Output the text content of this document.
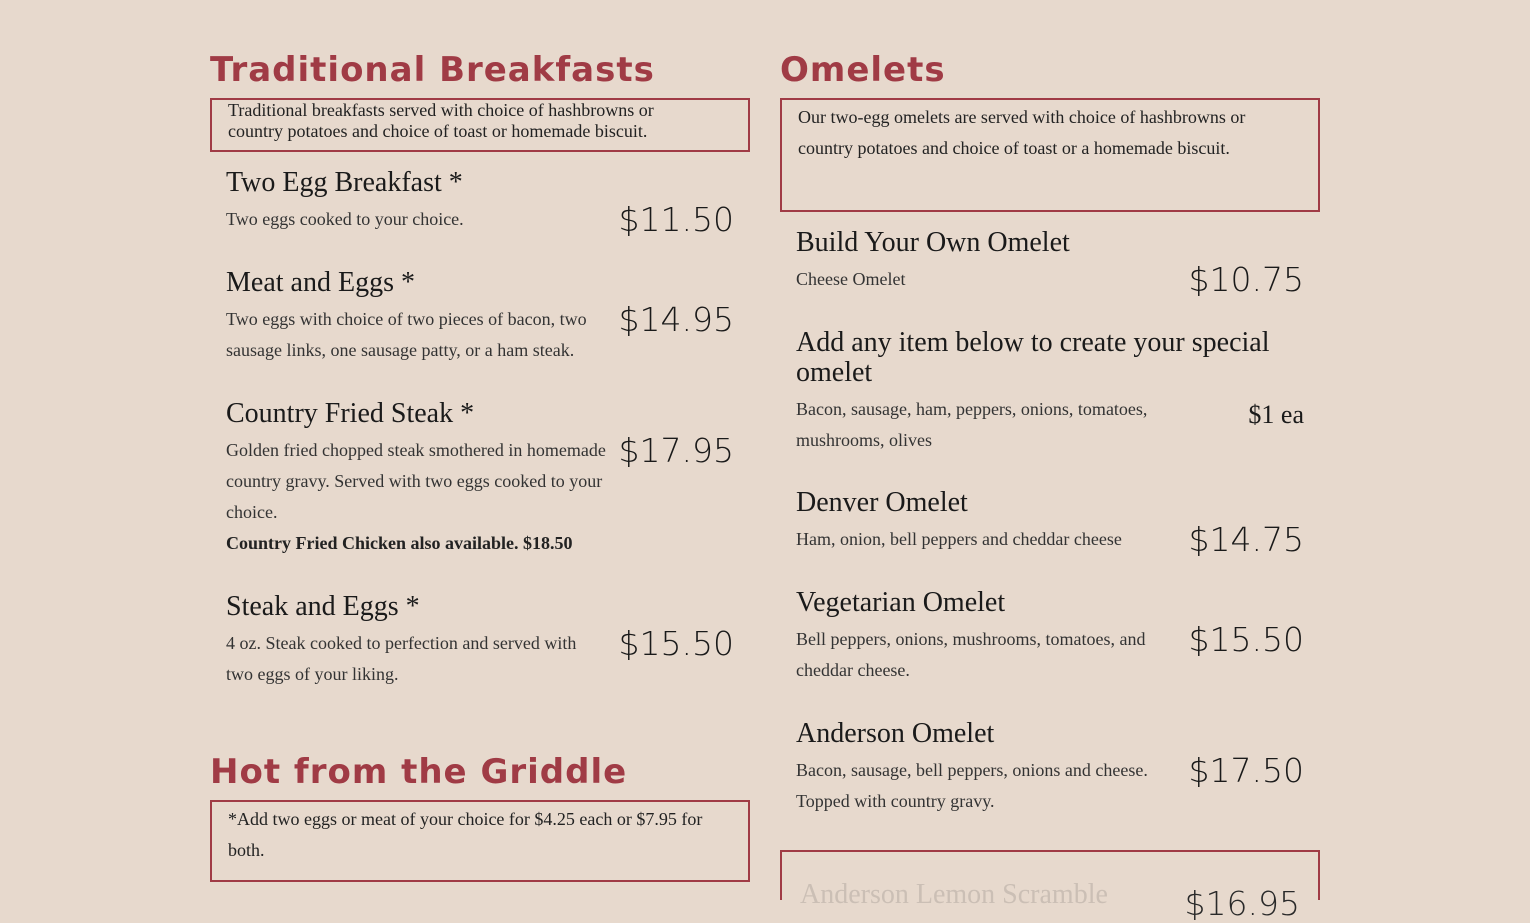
Traditional Breakfasts
Traditional breakfasts served with choice of hashbrowns or country potatoes and choice of toast or homemade biscuit.
Two Egg Breakfast *
Two eggs cooked to your choice.	$11.50
Meat and Eggs *
Two eggs with choice of two pieces of bacon, two sausage links, one sausage patty, or a ham steak.
$14.95
Country Fried Steak *
Golden fried chopped steak smothered in homemade country gravy. Served with two eggs cooked to your choice.
Country Fried Chicken also available. $18.50
$17.95
Steak and Eggs *
4 oz. Steak cooked to perfection and served with two eggs of your liking.
$15.50
Hot from the Griddle
*Add two eggs or meat of your choice for $4.25 each or $7.95 for both.
Omelets
Our two-egg omelets are served with choice of hashbrowns or country potatoes and choice of toast or a homemade biscuit.
Build Your Own Omelet
Cheese Omelet	$10.75
Add any item below to create your special omelet
Bacon, sausage, ham, peppers, onions, tomatoes, mushrooms, olives
$1 ea
Denver Omelet
Ham, onion, bell peppers and cheddar cheese	$14.75
Vegetarian Omelet
Bell peppers, onions, mushrooms, tomatoes, and cheddar cheese.
$15.50
Anderson Omelet
Bacon, sausage, bell peppers, onions and cheese. Topped with country gravy.
$17.50
Anderson Lemon Scramble $16.95
